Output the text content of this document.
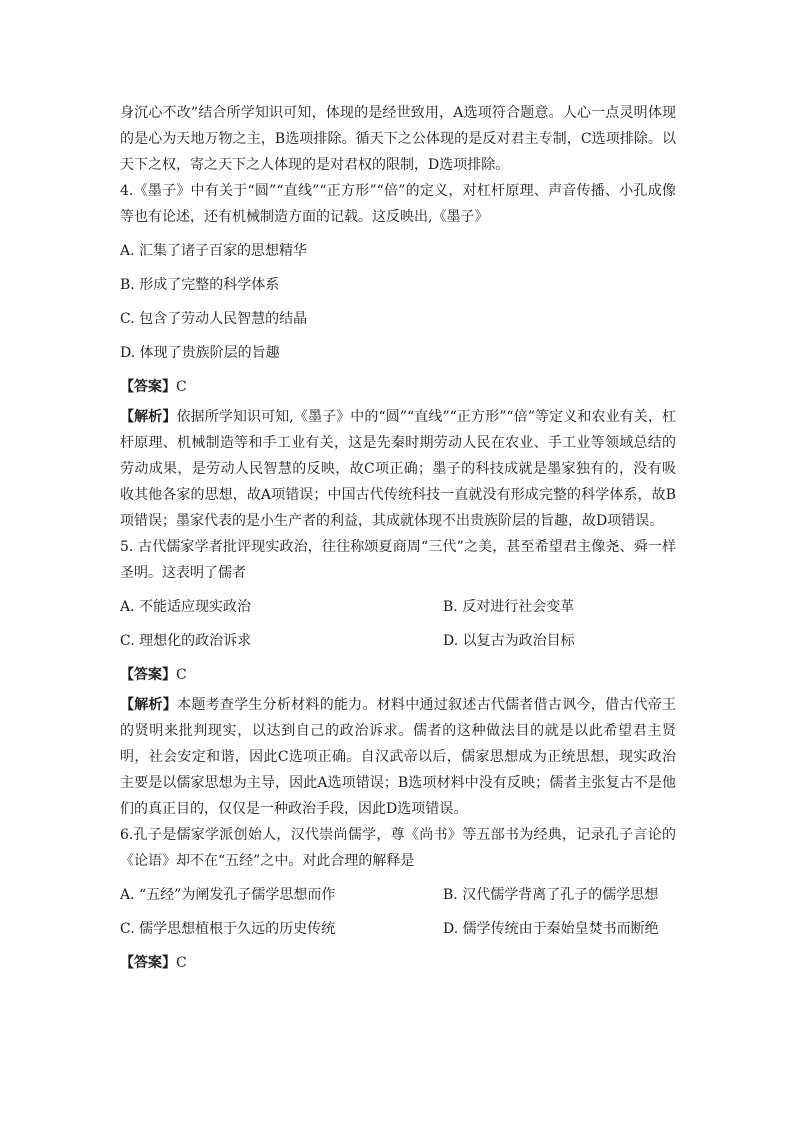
身沉心不改”结合所学知识可知，体现的是经世致用，A选项符合题意。人心一点灵明体现的是心为天地万物之主，B选项排除。循天下之公体现的是反对君主专制，C选项排除。以天下之权，寄之天下之人体现的是对君权的限制，D选项排除。

4.《墨子》中有关于“圆”“直线”“正方形”“倍”的定义，对杠杆原理、声音传播、小孔成像等也有论述，还有机械制造方面的记载。这反映出,《墨子》

A. 汇集了诸子百家的思想精华

B. 形成了完整的科学体系

C. 包含了劳动人民智慧的结晶

D. 体现了贵族阶层的旨趣

【答案】C

【解析】依据所学知识可知,《墨子》中的“圆”“直线”“正方形”“倍”等定义和农业有关，杠杆原理、机械制造等和手工业有关，这是先秦时期劳动人民在农业、手工业等领域总结的劳动成果，是劳动人民智慧的反映，故C项正确；墨子的科技成就是墨家独有的，没有吸收其他各家的思想，故A项错误；中国古代传统科技一直就没有形成完整的科学体系，故B项错误；墨家代表的是小生产者的利益，其成就体现不出贵族阶层的旨趣，故D项错误。

5. 古代儒家学者批评现实政治，往往称颂夏商周“三代”之美，甚至希望君主像尧、舜一样圣明。这表明了儒者

A. 不能适应现实政治	B. 反对进行社会变革

C. 理想化的政治诉求	D. 以复古为政治目标

【答案】C

【解析】本题考查学生分析材料的能力。材料中通过叙述古代儒者借古讽今，借古代帝王的贤明来批判现实，以达到自己的政治诉求。儒者的这种做法目的就是以此希望君主贤明，社会安定和谐，因此C选项正确。自汉武帝以后，儒家思想成为正统思想，现实政治主要是以儒家思想为主导，因此A选项错误；B选项材料中没有反映；儒者主张复古不是他们的真正目的，仅仅是一种政治手段，因此D选项错误。

6.孔子是儒家学派创始人，汉代崇尚儒学，尊《尚书》等五部书为经典，记录孔子言论的《论语》却不在“五经”之中。对此合理的解释是

A. “五经”为阐发孔子儒学思想而作	B. 汉代儒学背离了孔子的儒学思想

C. 儒学思想植根于久远的历史传统	D. 儒学传统由于秦始皇焚书而断绝

【答案】C
